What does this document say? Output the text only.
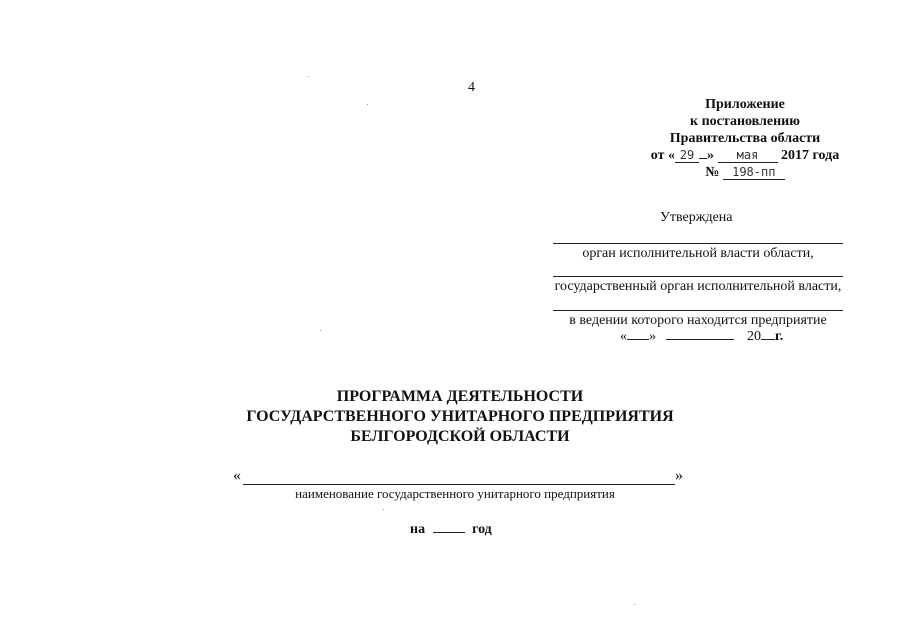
4
Приложение
к постановлению
Правительства области
от « 29 » мая 2017 года
№ 198-пп
Утверждена
орган исполнительной власти области,
государственный орган исполнительной власти,
в ведении которого находится предприятие
« »	20 г.
ПРОГРАММА ДЕЯТЕЛЬНОСТИ
ГОСУДАРСТВЕННОГО УНИТАРНОГО ПРЕДПРИЯТИЯ
БЕЛГОРОДСКОЙ ОБЛАСТИ
«	»
наименование государственного унитарного предприятия
на	год
